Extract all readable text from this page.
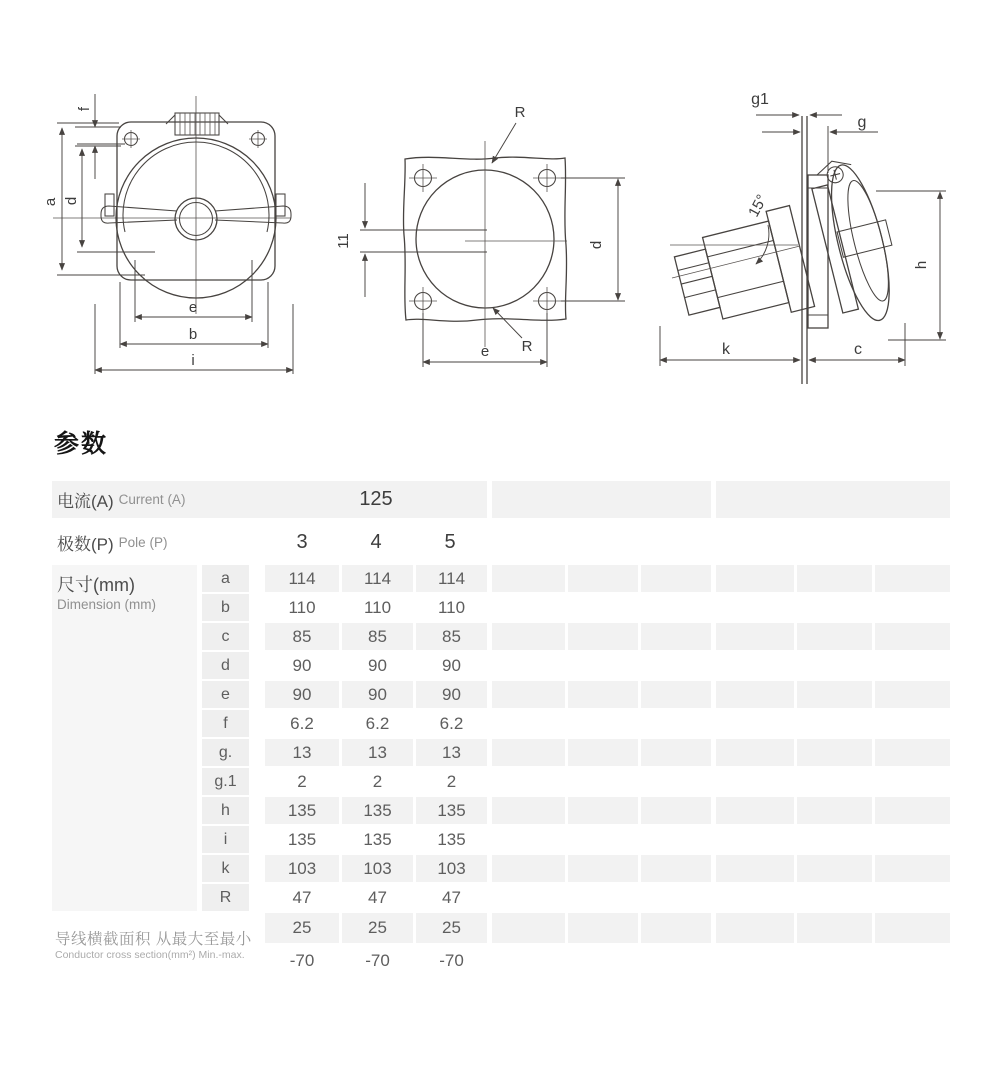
f
a d
e
b
i
11	d
R
R
e
15°
g1
g
h
k	c
参数
电流(A) Current (A)	125
极数(P) Pole (P)	3	4	5
尺寸(mm)
Dimension (mm)
导线横截面积 从最大至最小
Conductor cross section(mm²) Min.-max.
25	25	25
-70	-70	-70
a	114	114	114
b	110	110	110
c	85	85	85
d	90	90	90
e	90	90	90
f	6.2	6.2	6.2
g.	13	13	13
g.1	2	2	2
h	135	135	135
i	135	135	135
k	103	103	103
R	47	47	47
